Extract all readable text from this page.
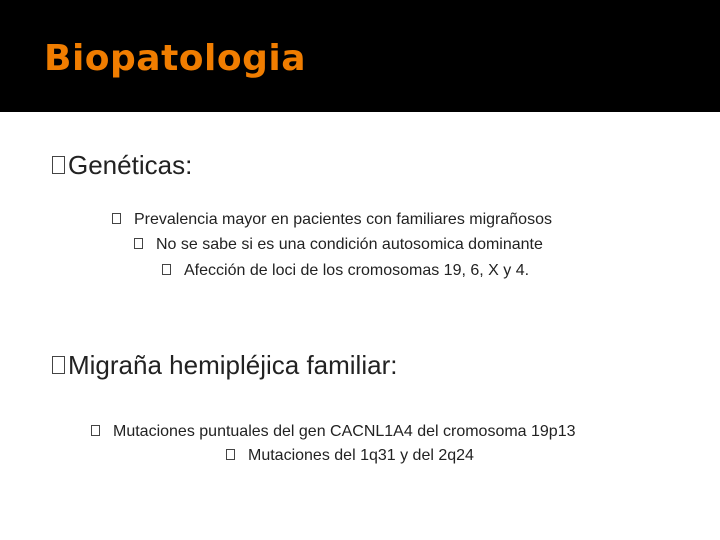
Biopatologia
Genéticas:
Prevalencia mayor en pacientes con familiares migrañosos
No se sabe si es una condición autosomica dominante
Afección de loci de los cromosomas 19, 6, X y 4.
Migraña hemipléjica familiar:
Mutaciones puntuales del gen CACNL1A4 del cromosoma 19p13
Mutaciones del 1q31 y del 2q24
